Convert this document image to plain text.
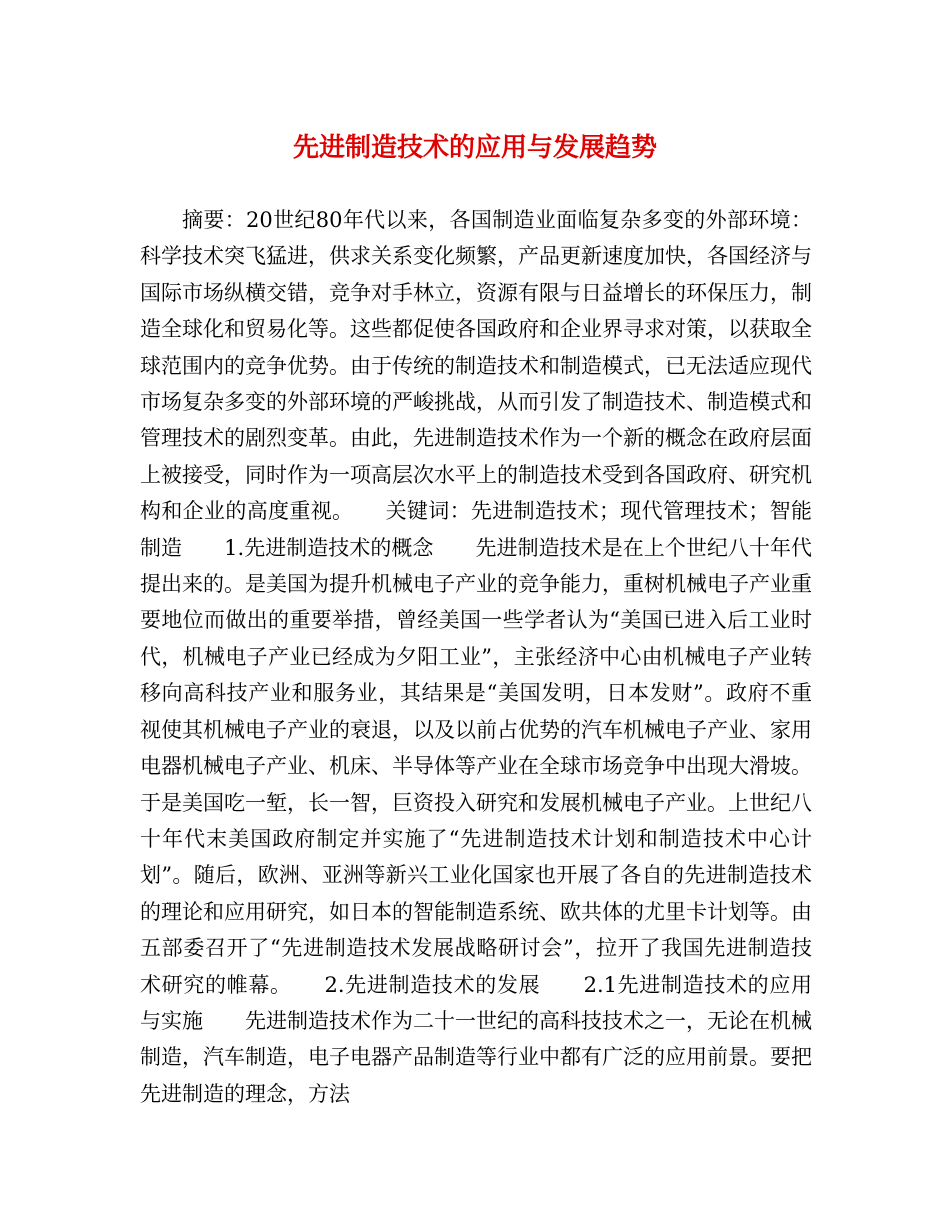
先进制造技术的应用与发展趋势

摘要：20世纪80年代以来，各国制造业面临复杂多变的外部环境：科学技术突飞猛进，供求关系变化频繁，产品更新速度加快，各国经济与国际市场纵横交错，竞争对手林立，资源有限与日益增长的环保压力，制造全球化和贸易化等。这些都促使各国政府和企业界寻求对策，以获取全球范围内的竞争优势。由于传统的制造技术和制造模式，已无法适应现代市场复杂多变的外部环境的严峻挑战，从而引发了制造技术、制造模式和管理技术的剧烈变革。由此，先进制造技术作为一个新的概念在政府层面上被接受，同时作为一项高层次水平上的制造技术受到各国政府、研究机构和企业的高度重视。　　关键词：先进制造技术；现代管理技术；智能制造　　1.先进制造技术的概念　　先进制造技术是在上个世纪八十年代提出来的。是美国为提升机械电子产业的竞争能力，重树机械电子产业重要地位而做出的重要举措，曾经美国一些学者认为“美国已进入后工业时代，机械电子产业已经成为夕阳工业”，主张经济中心由机械电子产业转移向高科技产业和服务业，其结果是“美国发明，日本发财”。政府不重视使其机械电子产业的衰退，以及以前占优势的汽车机械电子产业、家用电器机械电子产业、机床、半导体等产业在全球市场竞争中出现大滑坡。于是美国吃一堑，长一智，巨资投入研究和发展机械电子产业。上世纪八十年代末美国政府制定并实施了“先进制造技术计划和制造技术中心计划”。随后，欧洲、亚洲等新兴工业化国家也开展了各自的先进制造技术的理论和应用研究，如日本的智能制造系统、欧共体的尤里卡计划等。由五部委召开了“先进制造技术发展战略研讨会”，拉开了我国先进制造技术研究的帷幕。　　2.先进制造技术的发展　　2.1先进制造技术的应用与实施　　先进制造技术作为二十一世纪的高科技技术之一，无论在机械制造，汽车制造，电子电器产品制造等行业中都有广泛的应用前景。要把先进制造的理念，方法
